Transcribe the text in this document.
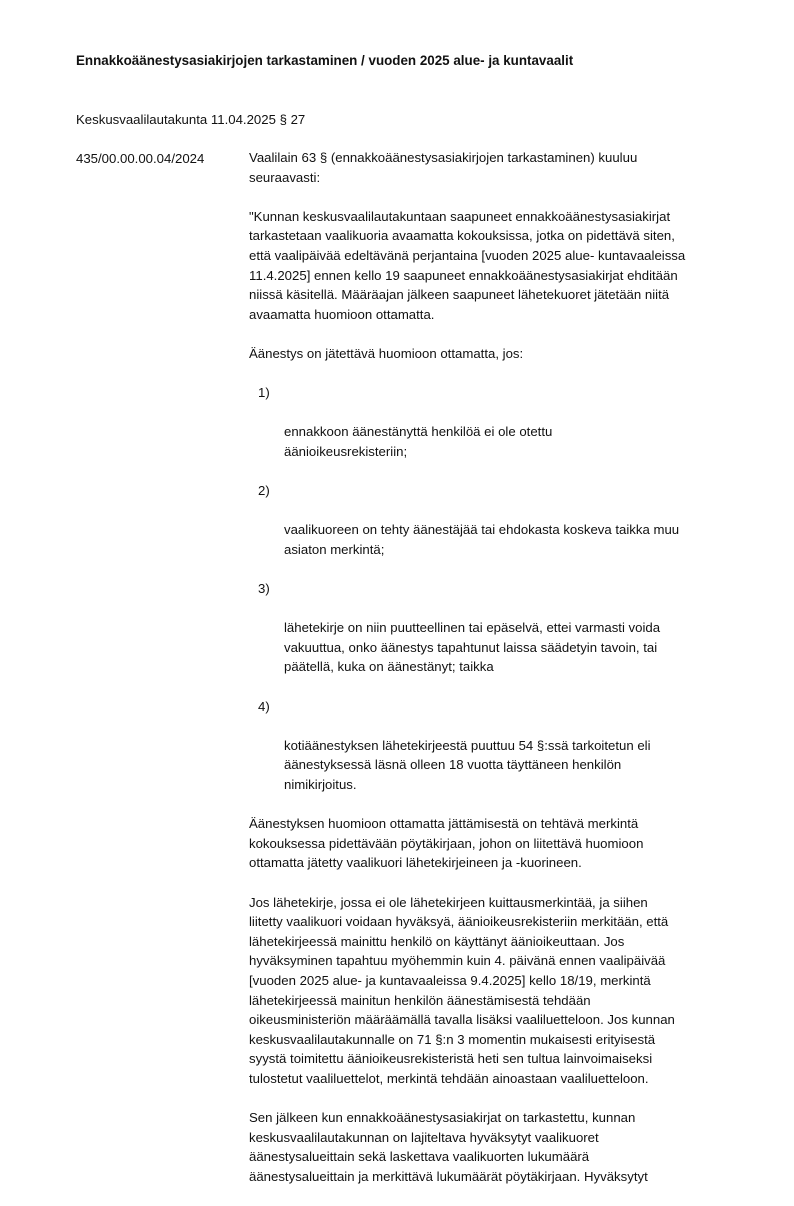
Ennakkoäänestysasiakirjojen tarkastaminen / vuoden 2025 alue- ja kuntavaalit

Keskusvaalilautakunta 11.04.2025 § 27

435/00.00.00.04/2024	Vaalilain 63 § (ennakkoäänestysasiakirjojen tarkastaminen) kuuluu
seuraavasti:

"Kunnan keskusvaalilautakuntaan saapuneet ennakkoäänestysasiakirjat
tarkastetaan vaalikuoria avaamatta kokouksissa, jotka on pidettävä siten,
että vaalipäivää edeltävänä perjantaina [vuoden 2025 alue- kuntavaaleissa
11.4.2025] ennen kello 19 saapuneet ennakkoäänestysasiakirjat ehditään
niissä käsitellä. Määräajan jälkeen saapuneet lähetekuoret jätetään niitä
avaamatta huomioon ottamatta.

Äänestys on jätettävä huomioon ottamatta, jos:

1)

ennakkoon äänestänyttä henkilöä ei ole otettu
äänioikeusrekisteriin;

2)

vaalikuoreen on tehty äänestäjää tai ehdokasta koskeva taikka muu
asiaton merkintä;

3)

lähetekirje on niin puutteellinen tai epäselvä, ettei varmasti voida
vakuuttua, onko äänestys tapahtunut laissa säädetyin tavoin, tai
päätellä, kuka on äänestänyt; taikka

4)

kotiäänestyksen lähetekirjeestä puuttuu 54 §:ssä tarkoitetun eli
äänestyksessä läsnä olleen 18 vuotta täyttäneen henkilön
nimikirjoitus.

Äänestyksen huomioon ottamatta jättämisestä on tehtävä merkintä
kokouksessa pidettävään pöytäkirjaan, johon on liitettävä huomioon
ottamatta jätetty vaalikuori lähetekirjeineen ja -kuorineen.

Jos lähetekirje, jossa ei ole lähetekirjeen kuittausmerkintää, ja siihen
liitetty vaalikuori voidaan hyväksyä, äänioikeusrekisteriin merkitään, että
lähetekirjeessä mainittu henkilö on käyttänyt äänioikeuttaan. Jos
hyväksyminen tapahtuu myöhemmin kuin 4. päivänä ennen vaalipäivää
[vuoden 2025 alue- ja kuntavaaleissa 9.4.2025] kello 18/19, merkintä
lähetekirjeessä mainitun henkilön äänestämisestä tehdään
oikeusministeriön määräämällä tavalla lisäksi vaaliluetteloon. Jos kunnan
keskusvaalilautakunnalle on 71 §:n 3 momentin mukaisesti erityisestä
syystä toimitettu äänioikeusrekisteristä heti sen tultua lainvoimaiseksi
tulostetut vaaliluettelot, merkintä tehdään ainoastaan vaaliluetteloon.

Sen jälkeen kun ennakkoäänestysasiakirjat on tarkastettu, kunnan
keskusvaalilautakunnan on lajiteltava hyväksytyt vaalikuoret
äänestysalueittain sekä laskettava vaalikuorten lukumäärä
äänestysalueittain ja merkittävä lukumäärät pöytäkirjaan. Hyväksytyt
